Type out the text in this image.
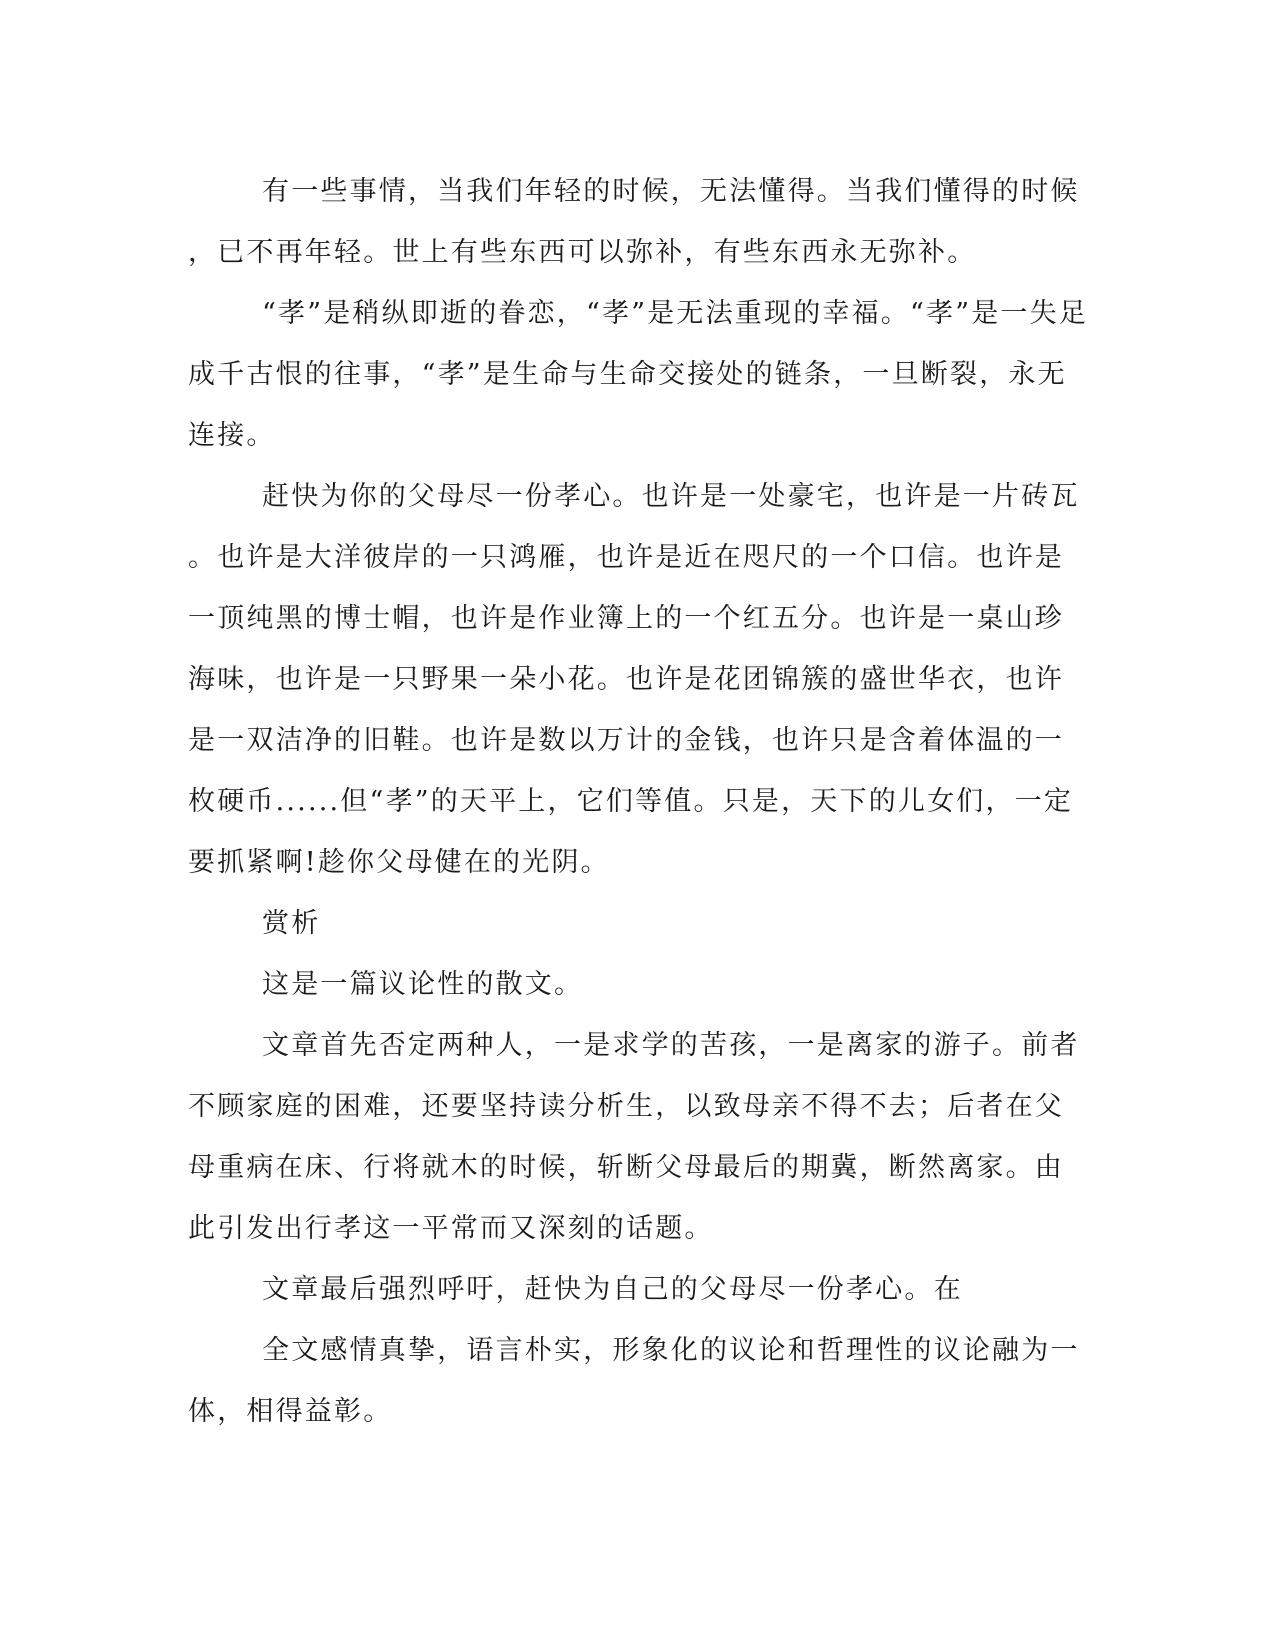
有一些事情，当我们年轻的时候，无法懂得。当我们懂得的时候
，已不再年轻。世上有些东西可以弥补，有些东西永无弥补。
“孝”是稍纵即逝的眷恋，“孝”是无法重现的幸福。“孝”是一失足
成千古恨的往事，“孝”是生命与生命交接处的链条，一旦断裂，永无
连接。
赶快为你的父母尽一份孝心。也许是一处豪宅，也许是一片砖瓦
。也许是大洋彼岸的一只鸿雁，也许是近在咫尺的一个口信。也许是
一顶纯黑的博士帽，也许是作业簿上的一个红五分。也许是一桌山珍
海味，也许是一只野果一朵小花。也许是花团锦簇的盛世华衣，也许
是一双洁净的旧鞋。也许是数以万计的金钱，也许只是含着体温的一
枚硬币......但“孝”的天平上，它们等值。只是，天下的儿女们，一定
要抓紧啊!趁你父母健在的光阴。
赏析
这是一篇议论性的散文。
文章首先否定两种人，一是求学的苦孩，一是离家的游子。前者
不顾家庭的困难，还要坚持读分析生，以致母亲不得不去；后者在父
母重病在床、行将就木的时候，斩断父母最后的期冀，断然离家。由
此引发出行孝这一平常而又深刻的话题。
文章最后强烈呼吁，赶快为自己的父母尽一份孝心。在
全文感情真挚，语言朴实，形象化的议论和哲理性的议论融为一
体，相得益彰。
